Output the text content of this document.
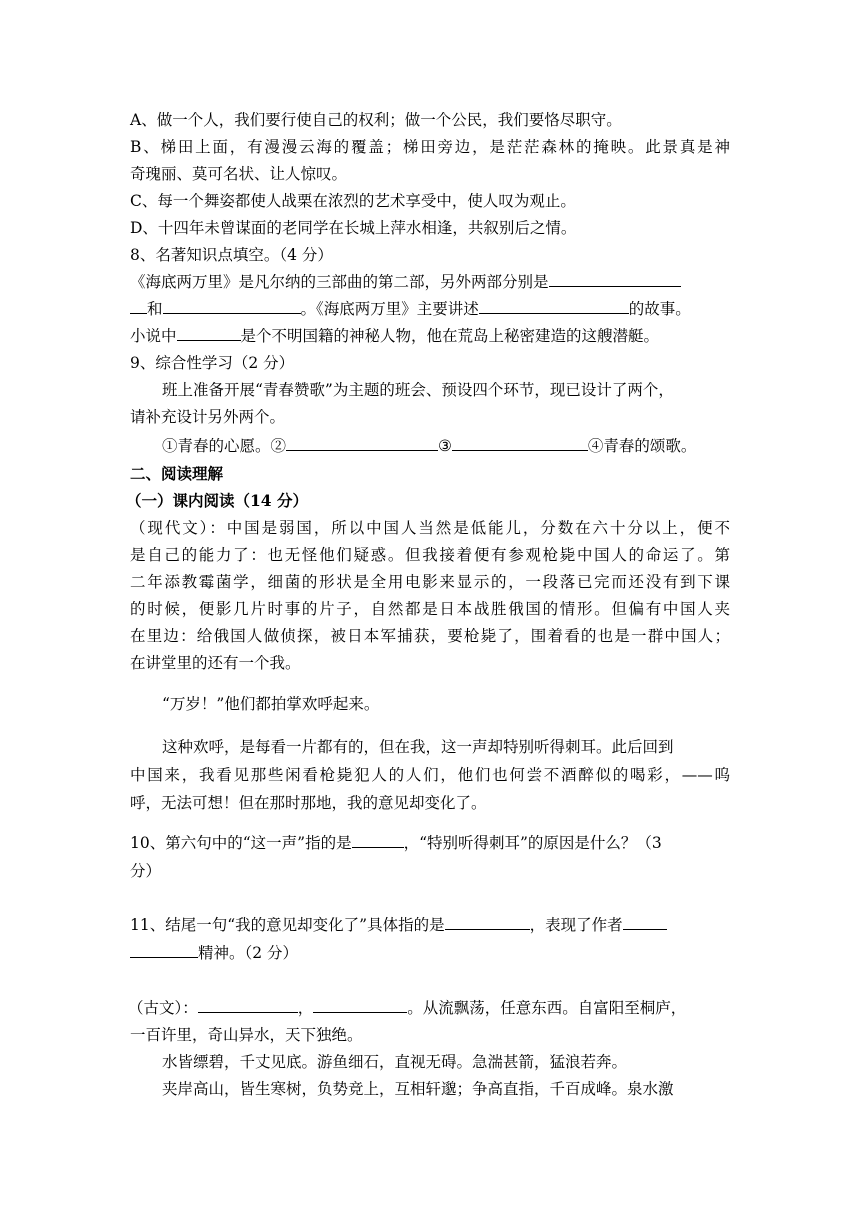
A、做一个人，我们要行使自己的权利；做一个公民，我们要恪尽职守。
B、梯田上面，有漫漫云海的覆盖；梯田旁边，是茫茫森林的掩映。此景真是神
奇瑰丽、莫可名状、让人惊叹。
C、每一个舞姿都使人战栗在浓烈的艺术享受中，使人叹为观止。
D、十四年未曾谋面的老同学在长城上萍水相逢，共叙别后之情。
8、名著知识点填空。（4 分）
《海底两万里》是凡尔纳的三部曲的第二部，另外两部分别是
和	。《海底两万里》主要讲述	的故事。
小说中	是个不明国籍的神秘人物，他在荒岛上秘密建造的这艘潜艇。
9、综合性学习（2 分）
班上准备开展“青春赞歌”为主题的班会、预设四个环节，现已设计了两个，
请补充设计另外两个。
①青春的心愿。②	③	④青春的颂歌。
二、阅读理解
（一）课内阅读（14 分）
（现代文）：中国是弱国，所以中国人当然是低能儿，分数在六十分以上，便不
是自己的能力了：也无怪他们疑惑。但我接着便有参观枪毙中国人的命运了。第
二年添教霉菌学，细菌的形状是全用电影来显示的，一段落已完而还没有到下课
的时候，便影几片时事的片子，自然都是日本战胜俄国的情形。但偏有中国人夹
在里边：给俄国人做侦探，被日本军捕获，要枪毙了，围着看的也是一群中国人；
在讲堂里的还有一个我。
“万岁！”他们都拍掌欢呼起来。
这种欢呼，是每看一片都有的，但在我，这一声却特别听得刺耳。此后回到
中国来，我看见那些闲看枪毙犯人的人们，他们也何尝不酒醉似的喝彩，——呜
呼，无法可想！但在那时那地，我的意见却变化了。
10、第六句中的“这一声”指的是	，“特别听得刺耳”的原因是什么？（3
分）
11、结尾一句“我的意见却变化了”具体指的是	，表现了作者
精神。（2 分）
（古文）：	，	。从流飘荡，任意东西。自富阳至桐庐，
一百许里，奇山异水，天下独绝。
水皆缥碧，千丈见底。游鱼细石，直视无碍。急湍甚箭，猛浪若奔。
夹岸高山，皆生寒树，负势竞上，互相轩邈；争高直指，千百成峰。泉水激
